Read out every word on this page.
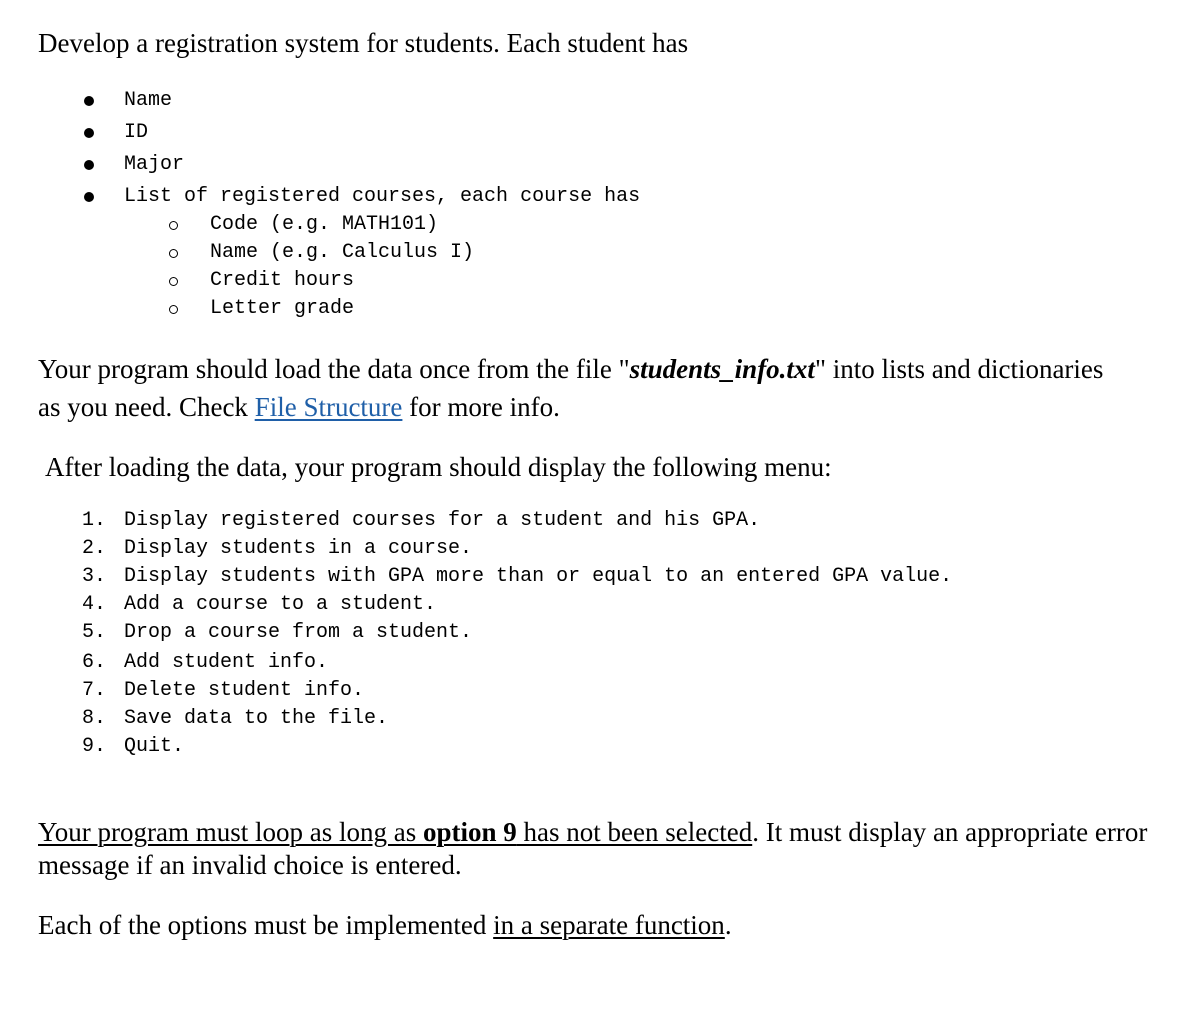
Develop a registration system for students. Each student has
Name
ID
Major
List of registered courses, each course has
Code (e.g. MATH101)
Name (e.g. Calculus I)
Credit hours
Letter grade
Your program should load the data once from the file "students_info.txt" into lists and dictionaries
as you need. Check File Structure for more info.
After loading the data, your program should display the following menu:
1. Display registered courses for a student and his GPA.
2. Display students in a course.
3. Display students with GPA more than or equal to an entered GPA value.
4. Add a course to a student.
5. Drop a course from a student.
6. Add student info.
7. Delete student info.
8. Save data to the file.
9. Quit.
Your program must loop as long as option 9 has not been selected. It must display an appropriate error
message if an invalid choice is entered.
Each of the options must be implemented in a separate function.
